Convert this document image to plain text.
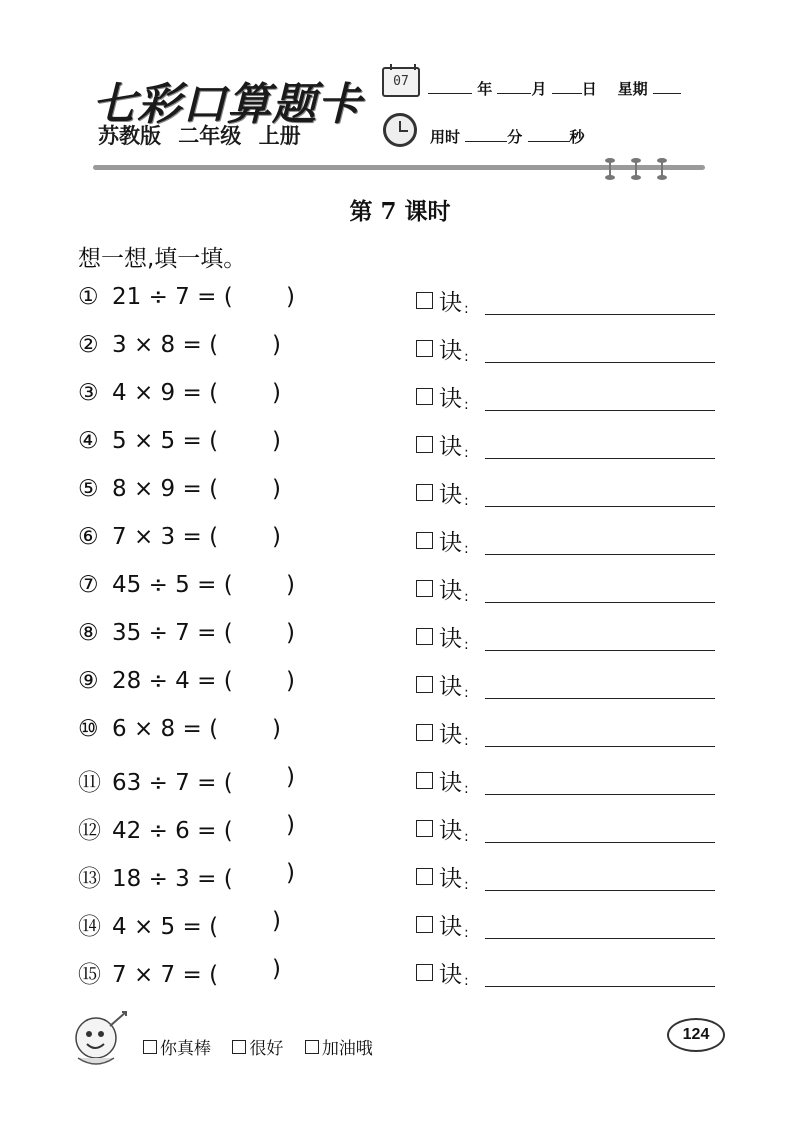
七彩口算题卡
苏教版 二年级 上册
07	年	月 日 星期
用时	分	秒
第 7 课时
想一想,填一填。
① 21 ÷ 7 = ( )	诀 :
② 3 × 8 = ( )	诀 :
③ 4 × 9 = ( )	诀 :
④ 5 × 5 = ( )	诀 :
⑤ 8 × 9 = ( )	诀 :
⑥ 7 × 3 = ( )	诀 :
⑦ 45 ÷ 5 = ( )	诀 :
⑧ 35 ÷ 7 = ( )	诀 :
⑨ 28 ÷ 4 = ( )	诀 :
⑩ 6 × 8 = ( )	诀 :
⑪ 63 ÷ 7 = ( )	诀 :
⑫ 42 ÷ 6 = ( )	诀 :
⑬ 18 ÷ 3 = ( )	诀 :
⑭ 4 × 5 = ( )	诀 :
⑮ 7 × 7 = ( )	诀 :
你真棒 很好 加油哦
124
